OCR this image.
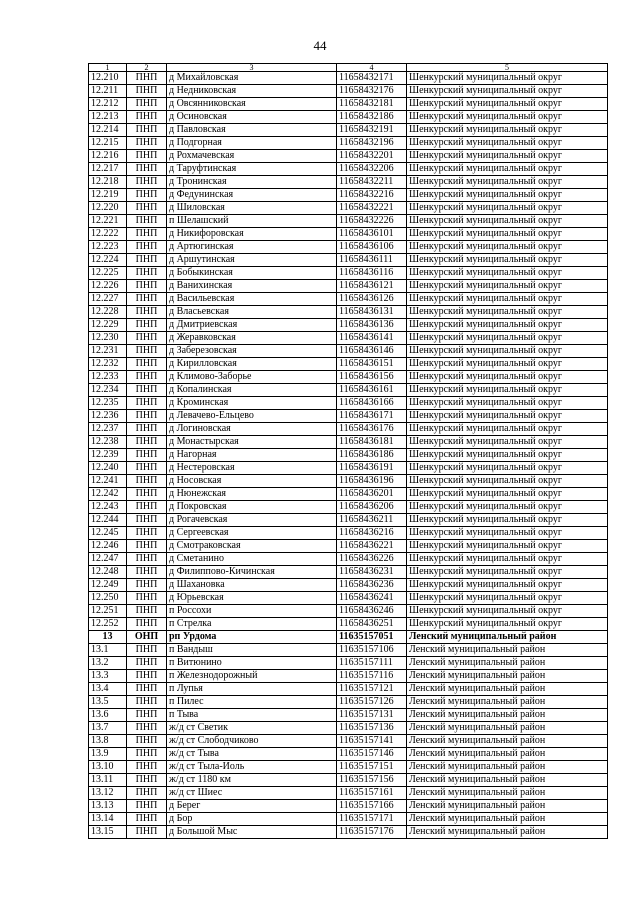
44
1	2	3	4	5
12.210	ПНП	д Михайловская	11658432171	Шенкурский муниципальный округ
12.211	ПНП	д Недниковская	11658432176	Шенкурский муниципальный округ
12.212	ПНП	д Овсянниковская	11658432181	Шенкурский муниципальный округ
12.213	ПНП	д Осиновская	11658432186	Шенкурский муниципальный округ
12.214	ПНП	д Павловская	11658432191	Шенкурский муниципальный округ
12.215	ПНП	д Подгорная	11658432196	Шенкурский муниципальный округ
12.216	ПНП	д Рохмачевская	11658432201	Шенкурский муниципальный округ
12.217	ПНП	д Таруфтинская	11658432206	Шенкурский муниципальный округ
12.218	ПНП	д Тронинская	11658432211	Шенкурский муниципальный округ
12.219	ПНП	д Федунинская	11658432216	Шенкурский муниципальный округ
12.220	ПНП	д Шиловская	11658432221	Шенкурский муниципальный округ
12.221	ПНП	п Шелашский	11658432226	Шенкурский муниципальный округ
12.222	ПНП	д Никифоровская	11658436101	Шенкурский муниципальный округ
12.223	ПНП	д Артюгинская	11658436106	Шенкурский муниципальный округ
12.224	ПНП	д Аршутинская	11658436111	Шенкурский муниципальный округ
12.225	ПНП	д Бобыкинская	11658436116	Шенкурский муниципальный округ
12.226	ПНП	д Ванихинская	11658436121	Шенкурский муниципальный округ
12.227	ПНП	д Васильевская	11658436126	Шенкурский муниципальный округ
12.228	ПНП	д Власьевская	11658436131	Шенкурский муниципальный округ
12.229	ПНП	д Дмитриевская	11658436136	Шенкурский муниципальный округ
12.230	ПНП	д Жеравковская	11658436141	Шенкурский муниципальный округ
12.231	ПНП	д Заберезовская	11658436146	Шенкурский муниципальный округ
12.232	ПНП	д Кирилловская	11658436151	Шенкурский муниципальный округ
12.233	ПНП	д Климово-Заборье	11658436156	Шенкурский муниципальный округ
12.234	ПНП	д Копалинская	11658436161	Шенкурский муниципальный округ
12.235	ПНП	д Кроминская	11658436166	Шенкурский муниципальный округ
12.236	ПНП	д Левачево-Ельцево	11658436171	Шенкурский муниципальный округ
12.237	ПНП	д Логиновская	11658436176	Шенкурский муниципальный округ
12.238	ПНП	д Монастырская	11658436181	Шенкурский муниципальный округ
12.239	ПНП	д Нагорная	11658436186	Шенкурский муниципальный округ
12.240	ПНП	д Нестеровская	11658436191	Шенкурский муниципальный округ
12.241	ПНП	д Носовская	11658436196	Шенкурский муниципальный округ
12.242	ПНП	д Нюнежская	11658436201	Шенкурский муниципальный округ
12.243	ПНП	д Покровская	11658436206	Шенкурский муниципальный округ
12.244	ПНП	д Рогачевская	11658436211	Шенкурский муниципальный округ
12.245	ПНП	д Сергеевская	11658436216	Шенкурский муниципальный округ
12.246	ПНП	д Смотраковская	11658436221	Шенкурский муниципальный округ
12.247	ПНП	д Сметанино	11658436226	Шенкурский муниципальный округ
12.248	ПНП	д Филиппово-Кичинская	11658436231	Шенкурский муниципальный округ
12.249	ПНП	д Шахановка	11658436236	Шенкурский муниципальный округ
12.250	ПНП	д Юрьевская	11658436241	Шенкурский муниципальный округ
12.251	ПНП	п Россохи	11658436246	Шенкурский муниципальный округ
12.252	ПНП	п Стрелка	11658436251	Шенкурский муниципальный округ
13	ОНП	рп Урдома	11635157051	Ленский муниципальный район
13.1	ПНП	п Вандыш	11635157106	Ленский муниципальный район
13.2	ПНП	п Витюнино	11635157111	Ленский муниципальный район
13.3	ПНП	п Железнодорожный	11635157116	Ленский муниципальный район
13.4	ПНП	п Лупья	11635157121	Ленский муниципальный район
13.5	ПНП	п Пилес	11635157126	Ленский муниципальный район
13.6	ПНП	п Тыва	11635157131	Ленский муниципальный район
13.7	ПНП	ж/д ст Светик	11635157136	Ленский муниципальный район
13.8	ПНП	ж/д ст Слободчиково	11635157141	Ленский муниципальный район
13.9	ПНП	ж/д ст Тыва	11635157146	Ленский муниципальный район
13.10	ПНП	ж/д ст Тыла-Иоль	11635157151	Ленский муниципальный район
13.11	ПНП	ж/д ст 1180 км	11635157156	Ленский муниципальный район
13.12	ПНП	ж/д ст Шиес	11635157161	Ленский муниципальный район
13.13	ПНП	д Берег	11635157166	Ленский муниципальный район
13.14	ПНП	д Бор	11635157171	Ленский муниципальный район
13.15	ПНП	д Большой Мыс	11635157176	Ленский муниципальный район
